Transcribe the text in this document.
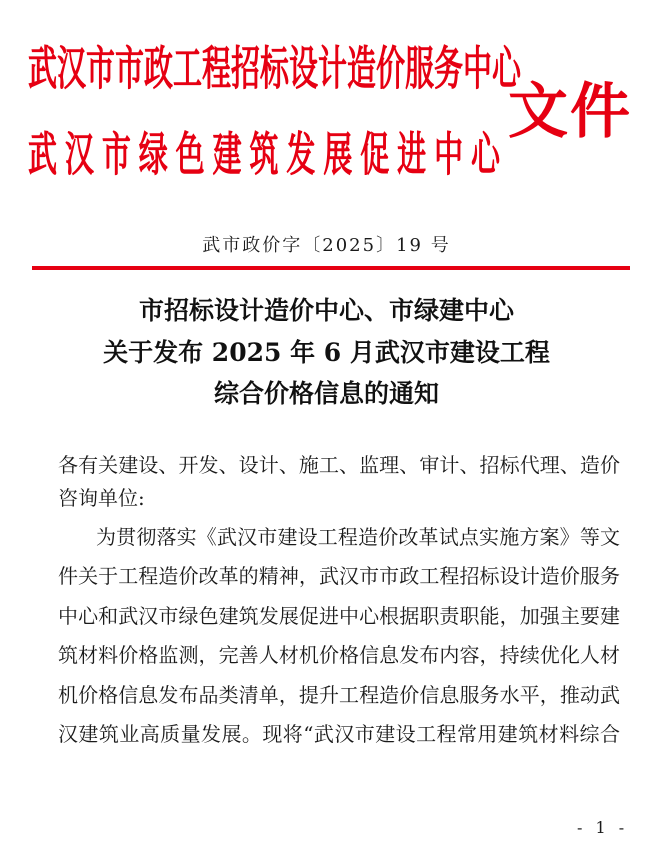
武汉市市政工程招标设计造价服务中心
武汉市绿色建筑发展促进中心
文件
武市政价字〔2025〕19 号
市招标设计造价中心、市绿建中心
关于发布 2025 年 6 月武汉市建设工程
综合价格信息的通知
各有关建设、开发、设计、施工、监理、审计、招标代理、造价
咨询单位:
为贯彻落实《武汉市建设工程造价改革试点实施方案》等文
件关于工程造价改革的精神，武汉市市政工程招标设计造价服务
中心和武汉市绿色建筑发展促进中心根据职责职能，加强主要建
筑材料价格监测，完善人材机价格信息发布内容，持续优化人材
机价格信息发布品类清单，提升工程造价信息服务水平，推动武
汉建筑业高质量发展。现将“武汉市建设工程常用建筑材料综合
- 1 -
